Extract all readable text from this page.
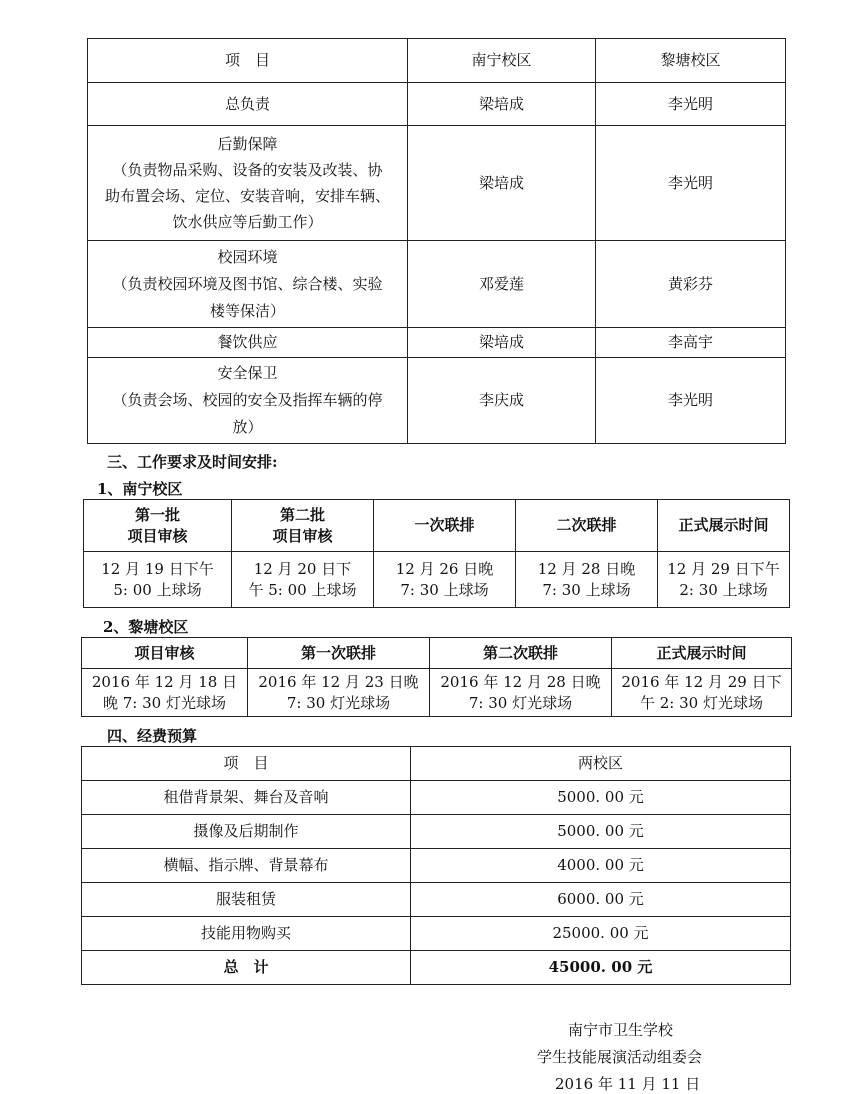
项　目	南宁校区	黎塘校区

总负责	梁培成	李光明

后勤保障
（负责物品采购、设备的安装及改装、协
助布置会场、定位、安装音响，安排车辆、
饮水供应等后勤工作）	梁培成	李光明

校园环境
（负责校园环境及图书馆、综合楼、实验
楼等保洁）	邓爱莲	黄彩芬

餐饮供应	梁培成	李高宇

安全保卫
（负责会场、校园的安全及指挥车辆的停
放）	李庆成	李光明
三、工作要求及时间安排:
1、南宁校区
第一批
项目审核	第二批
项目审核	一次联排	二次联排	正式展示时间

12 月 19 日下午
5: 00 上球场	12 月 20 日下
午 5: 00 上球场	12 月 26 日晚
7: 30 上球场	12 月 28 日晚
7: 30 上球场	12 月 29 日下午
2: 30 上球场
2、黎塘校区
项目审核	第一次联排	第二次联排	正式展示时间

2016 年 12 月 18 日
晚 7: 30 灯光球场	2016 年 12 月 23 日晚
7: 30 灯光球场	2016 年 12 月 28 日晚
7: 30 灯光球场	2016 年 12 月 29 日下
午 2: 30 灯光球场
四、经费预算
项　目	两校区
租借背景架、舞台及音响	5000. 00 元
摄像及后期制作	5000. 00 元
横幅、指示牌、背景幕布	4000. 00 元
服装租赁	6000. 00 元
技能用物购买	25000. 00 元
总　计	45000. 00 元
南宁市卫生学校
学生技能展演活动组委会
2016 年 11 月 11 日
